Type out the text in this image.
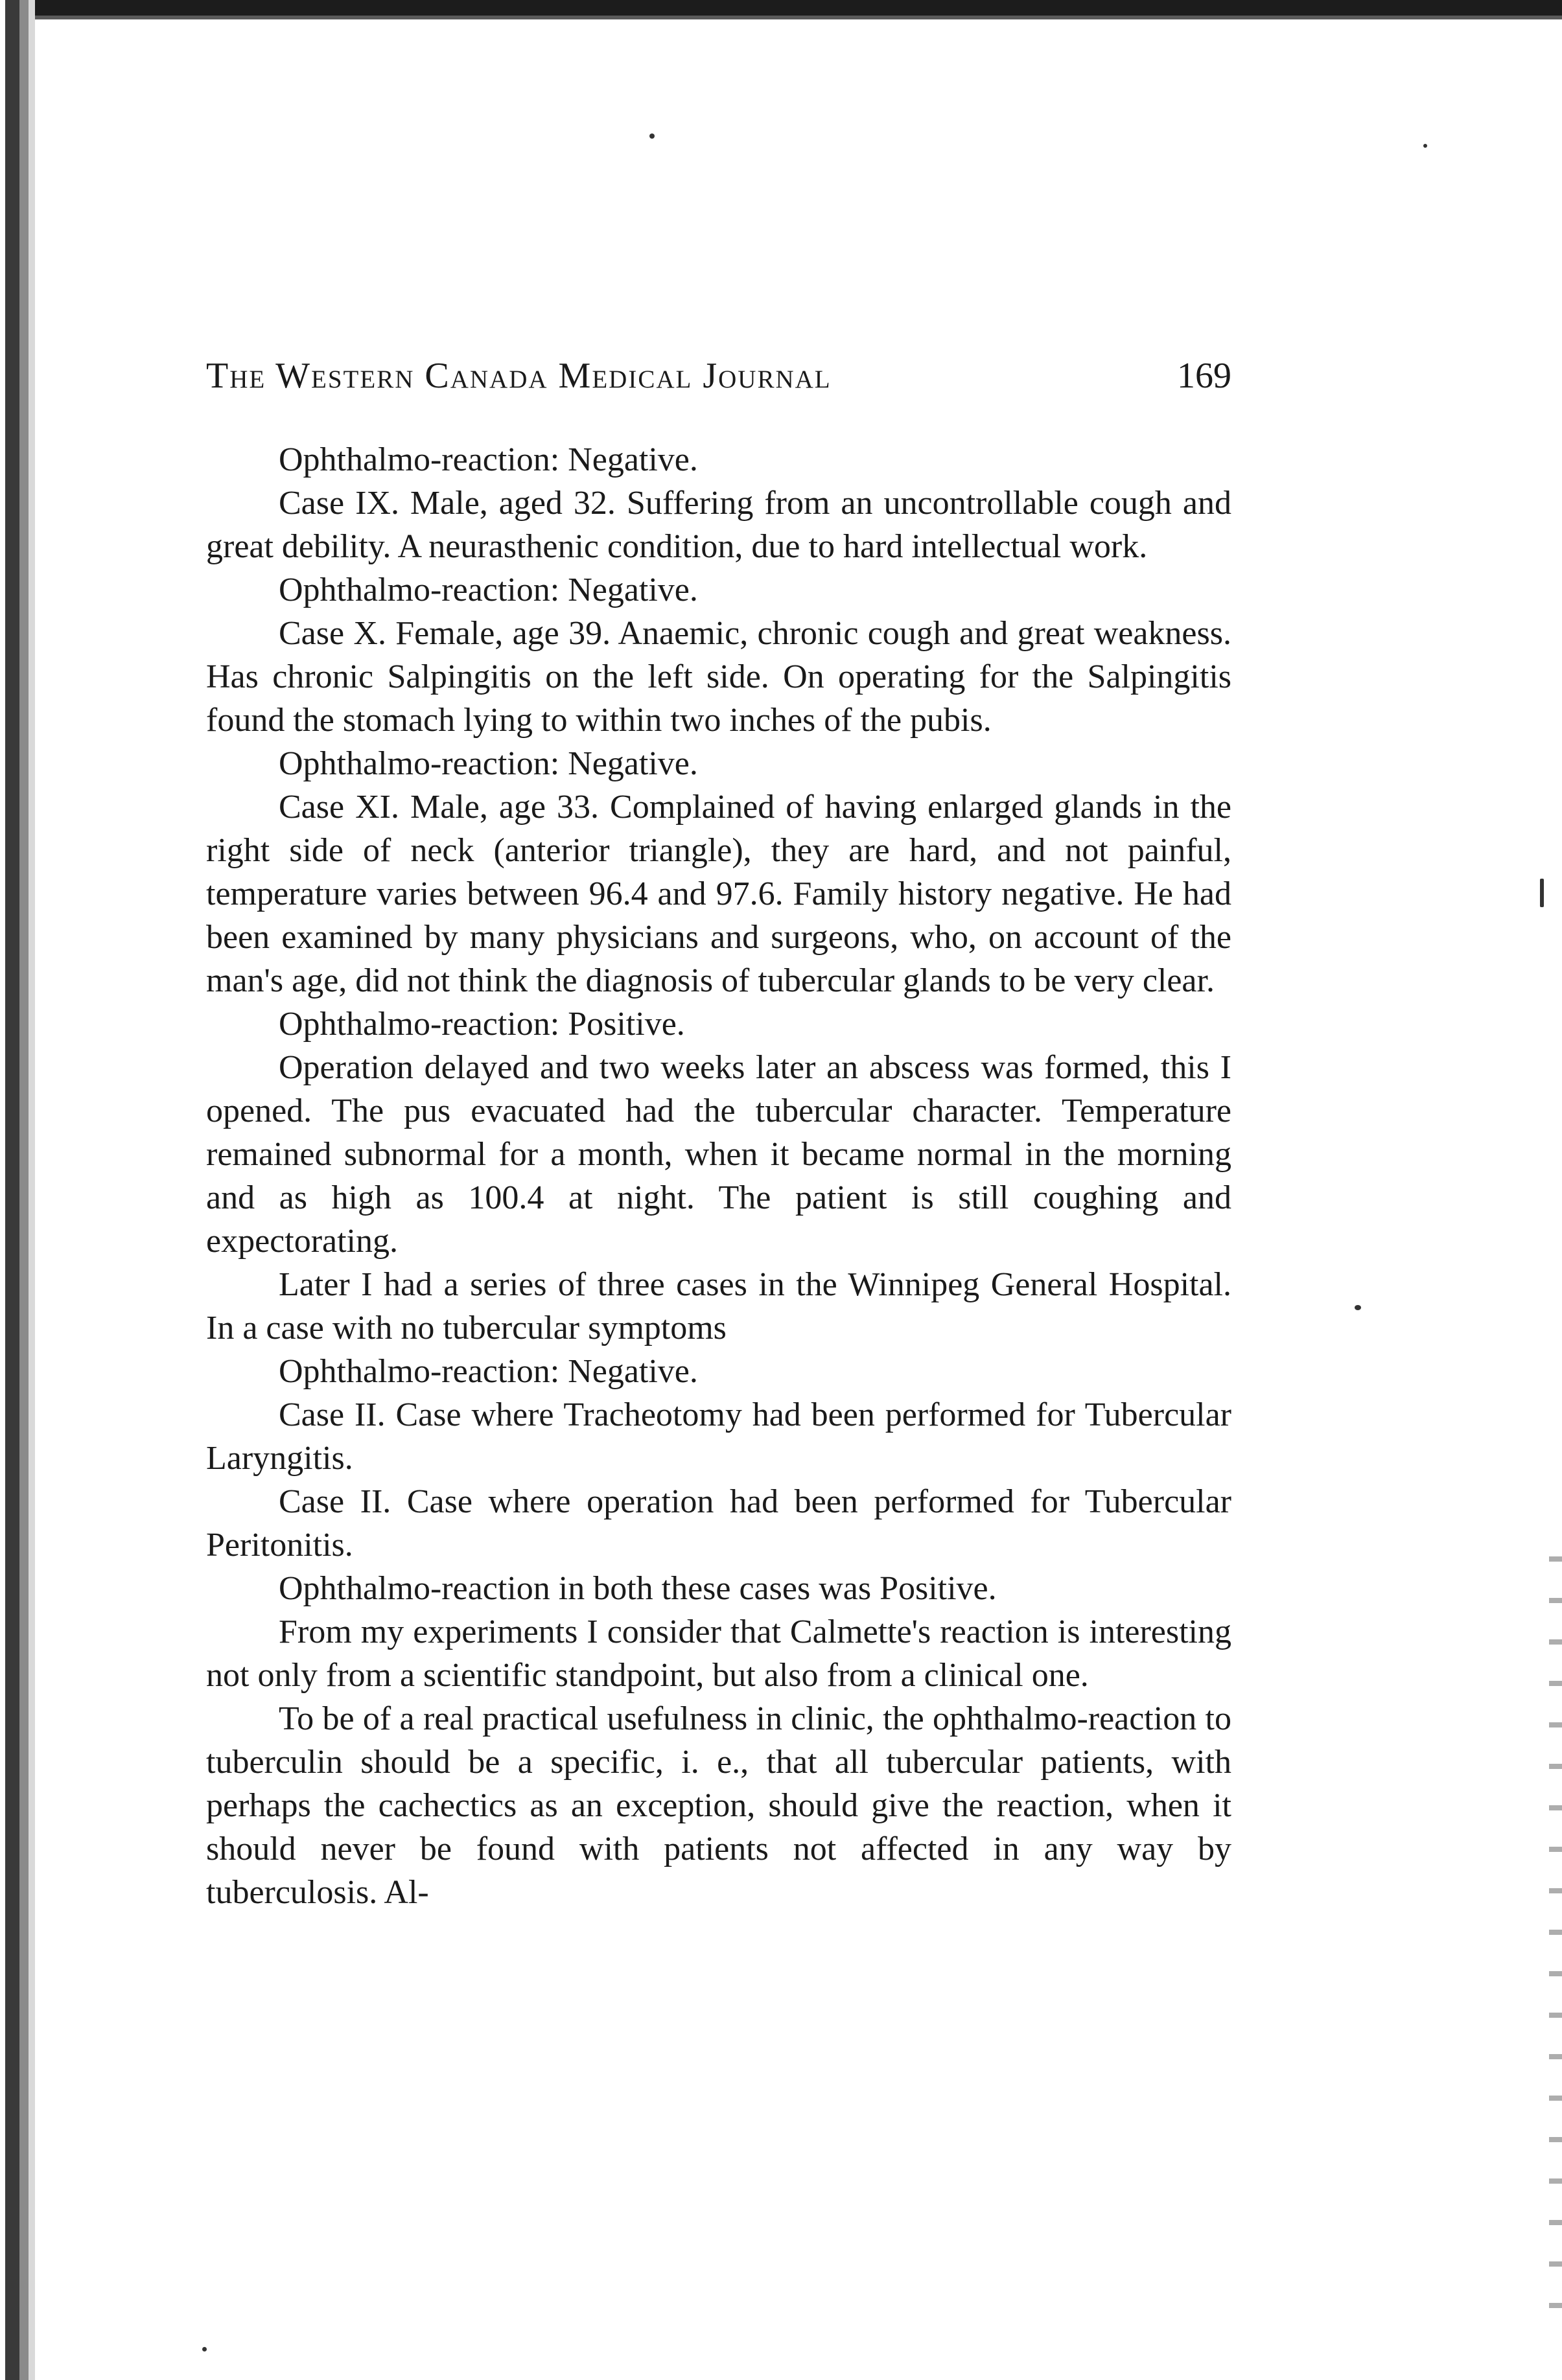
The Western Canada Medical Journal	169

Ophthalmo-reaction: Negative.

Case IX. Male, aged 32. Suffering from an uncontrollable cough and great debility. A neurasthenic condition, due to hard intellectual work.

Ophthalmo-reaction: Negative.

Case X. Female, age 39. Anaemic, chronic cough and great weakness. Has chronic Salpingitis on the left side. On operating for the Salpingitis found the stomach lying to within two inches of the pubis.

Ophthalmo-reaction: Negative.

Case XI. Male, age 33. Complained of having enlarged glands in the right side of neck (anterior triangle), they are hard, and not painful, temperature varies between 96.4 and 97.6. Family history negative. He had been examined by many physicians and surgeons, who, on account of the man's age, did not think the diagnosis of tubercular glands to be very clear.

Ophthalmo-reaction: Positive.

Operation delayed and two weeks later an abscess was formed, this I opened. The pus evacuated had the tubercular character. Temperature remained subnormal for a month, when it became normal in the morning and as high as 100.4 at night. The patient is still coughing and expectorating.

Later I had a series of three cases in the Winnipeg General Hospital. In a case with no tubercular symptoms

Ophthalmo-reaction: Negative.

Case II. Case where Tracheotomy had been performed for Tubercular Laryngitis.

Case II. Case where operation had been performed for Tubercular Peritonitis.

Ophthalmo-reaction in both these cases was Positive.

From my experiments I consider that Calmette's reaction is interesting not only from a scientific standpoint, but also from a clinical one.

To be of a real practical usefulness in clinic, the ophthalmo-reaction to tuberculin should be a specific, i. e., that all tubercular patients, with perhaps the cachectics as an exception, should give the reaction, when it should never be found with patients not affected in any way by tuberculosis. Al-
